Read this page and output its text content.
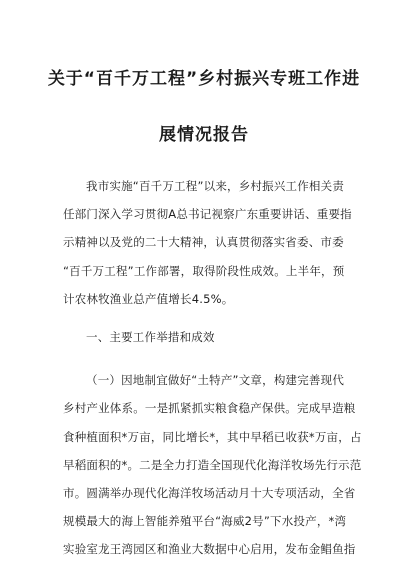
关于“百千万工程”乡村振兴专班工作进
展情况报告
我市实施“百千万工程”以来，乡村振兴工作相关责
任部门深入学习贯彻A总书记视察广东重要讲话、重要指
示精神以及党的二十大精神，认真贯彻落实省委、市委
“百千万工程”工作部署，取得阶段性成效。上半年，预
计农林牧渔业总产值增长4.5%。
一、主要工作举措和成效
（一）因地制宜做好“土特产”文章，构建完善现代
乡村产业体系。一是抓紧抓实粮食稳产保供。完成早造粮
食种植面积*万亩，同比增长*，其中早稻已收获*万亩，占
早稻面积的*。二是全力打造全国现代化海洋牧场先行示范
市。圆满举办现代化海洋牧场活动月十大专项活动，全省
规模最大的海上智能养殖平台“海威2号”下水投产，*湾
实验室龙王湾园区和渔业大数据中心启用，发布金鲳鱼指
